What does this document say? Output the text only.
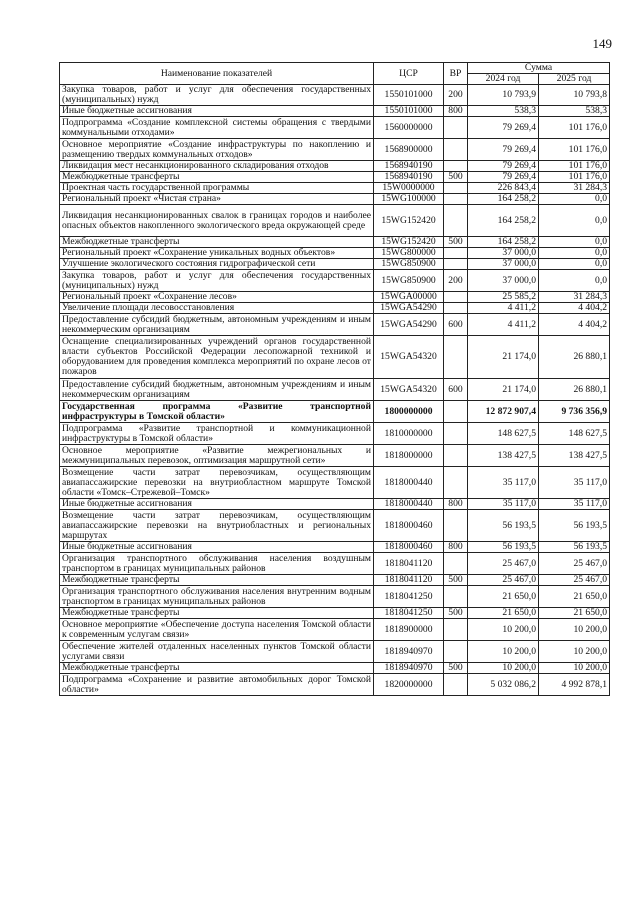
149
Наименование показателей	ЦСР	ВР	Сумма	
			2024 год	2025 год
Закупка товаров, работ и услуг для обеспечения государственных (муниципальных) нужд	1550101000	200	10 793,9	10 793,8
Иные бюджетные ассигнования	1550101000	800	538,3	538,3
Подпрограмма «Создание комплексной системы обращения с твердыми коммунальными отходами»	1560000000		79 269,4	101 176,0
Основное мероприятие «Создание инфраструктуры по накоплению и размещению твердых коммунальных отходов»	1568900000		79 269,4	101 176,0
Ликвидация мест несанкционированного складирования отходов	1568940190		79 269,4	101 176,0
Межбюджетные трансферты	1568940190	500	79 269,4	101 176,0
Проектная часть государственной программы	15W0000000		226 843,4	31 284,3
Региональный проект «Чистая страна»	15WG100000		164 258,2	0,0
Ликвидация несанкционированных свалок в границах городов и наиболее опасных объектов накопленного экологического вреда окружающей среде	15WG152420		164 258,2	0,0
Межбюджетные трансферты	15WG152420	500	164 258,2	0,0
Региональный проект «Сохранение уникальных водных объектов»	15WG800000		37 000,0	0,0
Улучшение экологического состояния гидрографической сети	15WG850900		37 000,0	0,0
Закупка товаров, работ и услуг для обеспечения государственных (муниципальных) нужд	15WG850900	200	37 000,0	0,0
Региональный проект «Сохранение лесов»	15WGA00000		25 585,2	31 284,3
Увеличение площади лесовосстановления	15WGA54290		4 411,2	4 404,2
Предоставление субсидий бюджетным, автономным учреждениям и иным некоммерческим организациям	15WGA54290	600	4 411,2	4 404,2
Оснащение специализированных учреждений органов государственной власти субъектов Российской Федерации лесопожарной техникой и оборудованием для проведения комплекса мероприятий по охране лесов от пожаров	15WGA54320		21 174,0	26 880,1
Предоставление субсидий бюджетным, автономным учреждениям и иным некоммерческим организациям	15WGA54320	600	21 174,0	26 880,1
Государственная программа «Развитие транспортной инфраструктуры в Томской области»	1800000000		12 872 907,4	9 736 356,9
Подпрограмма «Развитие транспортной и коммуникационной инфраструктуры в Томской области»	1810000000		148 627,5	148 627,5
Основное мероприятие «Развитие межрегиональных и межмуниципальных перевозок, оптимизация маршрутной сети»	1818000000		138 427,5	138 427,5
Возмещение части затрат перевозчикам, осуществляющим авиапассажирские перевозки на внутриобластном маршруте Томской области «Томск–Стрежевой–Томск»	1818000440		35 117,0	35 117,0
Иные бюджетные ассигнования	1818000440	800	35 117,0	35 117,0
Возмещение части затрат перевозчикам, осуществляющим авиапассажирские перевозки на внутриобластных и региональных маршрутах	1818000460		56 193,5	56 193,5
Иные бюджетные ассигнования	1818000460	800	56 193,5	56 193,5
Организация транспортного обслуживания населения воздушным транспортом в границах муниципальных районов	1818041120		25 467,0	25 467,0
Межбюджетные трансферты	1818041120	500	25 467,0	25 467,0
Организация транспортного обслуживания населения внутренним водным транспортом в границах муниципальных районов	1818041250		21 650,0	21 650,0
Межбюджетные трансферты	1818041250	500	21 650,0	21 650,0
Основное мероприятие «Обеспечение доступа населения Томской области к современным услугам связи»	1818900000		10 200,0	10 200,0
Обеспечение жителей отдаленных населенных пунктов Томской области услугами связи	1818940970		10 200,0	10 200,0
Межбюджетные трансферты	1818940970	500	10 200,0	10 200,0
Подпрограмма «Сохранение и развитие автомобильных дорог Томской области»	1820000000		5 032 086,2	4 992 878,1
